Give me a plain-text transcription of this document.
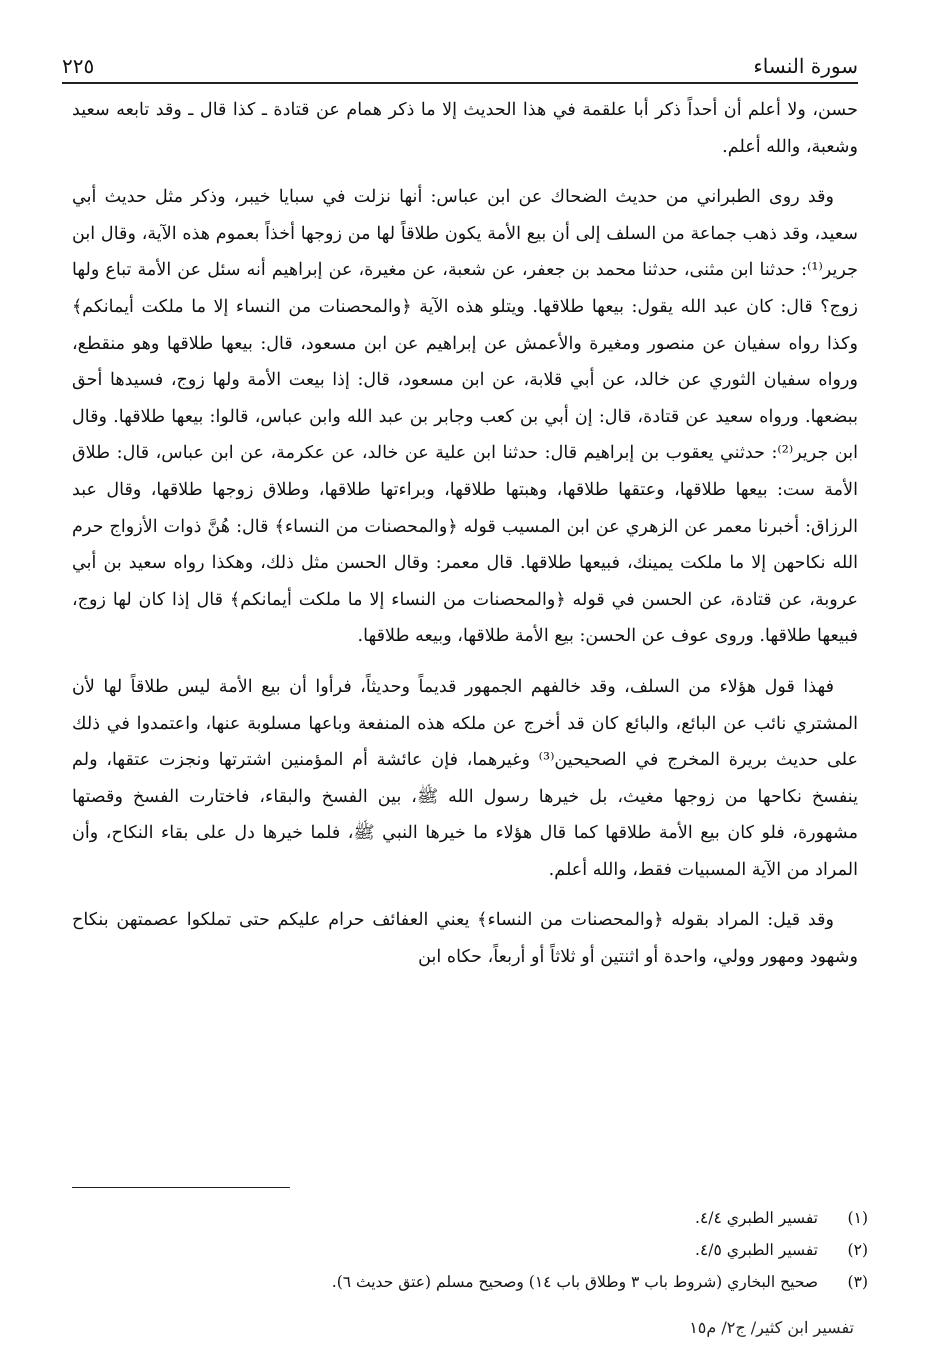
سورة النساء
٢٢٥

حسن، ولا أعلم أن أحداً ذكر أبا علقمة في هذا الحديث إلا ما ذكر همام عن قتادة ـ كذا قال ـ وقد تابعه سعيد وشعبة، والله أعلم.

وقد روى الطبراني من حديث الضحاك عن ابن عباس: أنها نزلت في سبايا خيبر، وذكر مثل حديث أبي سعيد، وقد ذهب جماعة من السلف إلى أن بيع الأمة يكون طلاقاً لها من زوجها أخذاً بعموم هذه الآية، وقال ابن جرير⁽¹⁾: حدثنا ابن مثنى، حدثنا محمد بن جعفر، عن شعبة، عن مغيرة، عن إبراهيم أنه سئل عن الأمة تباع ولها زوج؟ قال: كان عبد الله يقول: بيعها طلاقها. ويتلو هذه الآية ﴿والمحصنات من النساء إلا ما ملكت أيمانكم﴾ وكذا رواه سفيان عن منصور ومغيرة والأعمش عن إبراهيم عن ابن مسعود، قال: بيعها طلاقها وهو منقطع، ورواه سفيان الثوري عن خالد، عن أبي قلابة، عن ابن مسعود، قال: إذا بيعت الأمة ولها زوج، فسيدها أحق ببضعها. ورواه سعيد عن قتادة، قال: إن أبي بن كعب وجابر بن عبد الله وابن عباس، قالوا: بيعها طلاقها. وقال ابن جرير⁽²⁾: حدثني يعقوب بن إبراهيم قال: حدثنا ابن علية عن خالد، عن عكرمة، عن ابن عباس، قال: طلاق الأمة ست: بيعها طلاقها، وعتقها طلاقها، وهبتها طلاقها، وبراءتها طلاقها، وطلاق زوجها طلاقها، وقال عبد الرزاق: أخبرنا معمر عن الزهري عن ابن المسيب قوله ﴿والمحصنات من النساء﴾ قال: هُنَّ ذوات الأزواج حرم الله نكاحهن إلا ما ملكت يمينك، فبيعها طلاقها. قال معمر: وقال الحسن مثل ذلك، وهكذا رواه سعيد بن أبي عروبة، عن قتادة، عن الحسن في قوله ﴿والمحصنات من النساء إلا ما ملكت أيمانكم﴾ قال إذا كان لها زوج، فبيعها طلاقها. وروى عوف عن الحسن: بيع الأمة طلاقها، وبيعه طلاقها.

فهذا قول هؤلاء من السلف، وقد خالفهم الجمهور قديماً وحديثاً، فرأوا أن بيع الأمة ليس طلاقاً لها لأن المشتري نائب عن البائع، والبائع كان قد أخرج عن ملكه هذه المنفعة وباعها مسلوبة عنها، واعتمدوا في ذلك على حديث بريرة المخرج في الصحيحين⁽³⁾ وغيرهما، فإن عائشة أم المؤمنين اشترتها ونجزت عتقها، ولم ينفسخ نكاحها من زوجها مغيث، بل خيرها رسول الله ﷺ، بين الفسخ والبقاء، فاختارت الفسخ وقصتها مشهورة، فلو كان بيع الأمة طلاقها كما قال هؤلاء ما خيرها النبي ﷺ، فلما خيرها دل على بقاء النكاح، وأن المراد من الآية المسبيات فقط، والله أعلم.

وقد قيل: المراد بقوله ﴿والمحصنات من النساء﴾ يعني العفائف حرام عليكم حتى تملكوا عصمتهن بنكاح وشهود ومهور وولي، واحدة أو اثنتين أو ثلاثاً أو أربعاً، حكاه ابن

(١)
تفسير الطبري ٤/٤.
(٢)
تفسير الطبري ٤/٥.
(٣)
صحيح البخاري (شروط باب ٣ وطلاق باب ١٤) وصحيح مسلم (عتق حديث ٦).
تفسير ابن كثير/ ج٢/ م١٥
